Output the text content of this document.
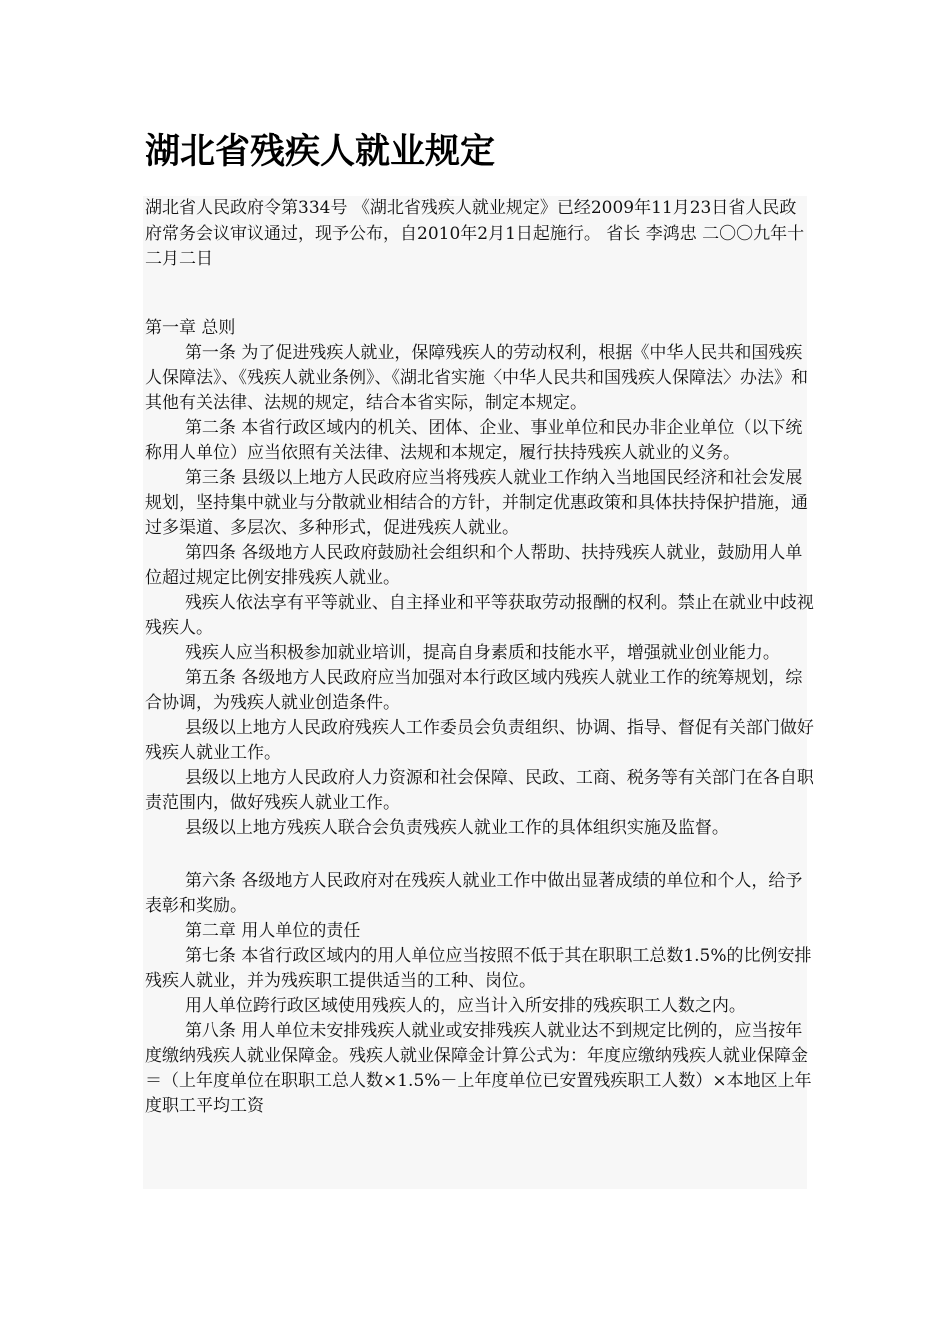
湖北省残疾人就业规定

湖北省人民政府令第334号 《湖北省残疾人就业规定》已经2009年11月23日省人民政府常务会议审议通过，现予公布，自2010年2月1日起施行。 省长 李鸿忠 二〇〇九年十二月二日

第一章 总则

第一条 为了促进残疾人就业，保障残疾人的劳动权利，根据《中华人民共和国残疾人保障法》、《残疾人就业条例》、《湖北省实施〈中华人民共和国残疾人保障法〉办法》和其他有关法律、法规的规定，结合本省实际，制定本规定。

第二条 本省行政区域内的机关、团体、企业、事业单位和民办非企业单位（以下统称用人单位）应当依照有关法律、法规和本规定，履行扶持残疾人就业的义务。

第三条 县级以上地方人民政府应当将残疾人就业工作纳入当地国民经济和社会发展规划，坚持集中就业与分散就业相结合的方针，并制定优惠政策和具体扶持保护措施，通过多渠道、多层次、多种形式，促进残疾人就业。

第四条 各级地方人民政府鼓励社会组织和个人帮助、扶持残疾人就业，鼓励用人单位超过规定比例安排残疾人就业。

残疾人依法享有平等就业、自主择业和平等获取劳动报酬的权利。禁止在就业中歧视残疾人。

残疾人应当积极参加就业培训，提高自身素质和技能水平，增强就业创业能力。

第五条 各级地方人民政府应当加强对本行政区域内残疾人就业工作的统筹规划，综合协调，为残疾人就业创造条件。

县级以上地方人民政府残疾人工作委员会负责组织、协调、指导、督促有关部门做好残疾人就业工作。

县级以上地方人民政府人力资源和社会保障、民政、工商、税务等有关部门在各自职责范围内，做好残疾人就业工作。

县级以上地方残疾人联合会负责残疾人就业工作的具体组织实施及监督。

第六条 各级地方人民政府对在残疾人就业工作中做出显著成绩的单位和个人，给予表彰和奖励。

第二章 用人单位的责任

第七条 本省行政区域内的用人单位应当按照不低于其在职职工总数1.5%的比例安排残疾人就业，并为残疾职工提供适当的工种、岗位。

用人单位跨行政区域使用残疾人的，应当计入所安排的残疾职工人数之内。

第八条 用人单位未安排残疾人就业或安排残疾人就业达不到规定比例的，应当按年度缴纳残疾人就业保障金。残疾人就业保障金计算公式为：年度应缴纳残疾人就业保障金＝（上年度单位在职职工总人数×1.5%－上年度单位已安置残疾职工人数）×本地区上年度职工平均工资
